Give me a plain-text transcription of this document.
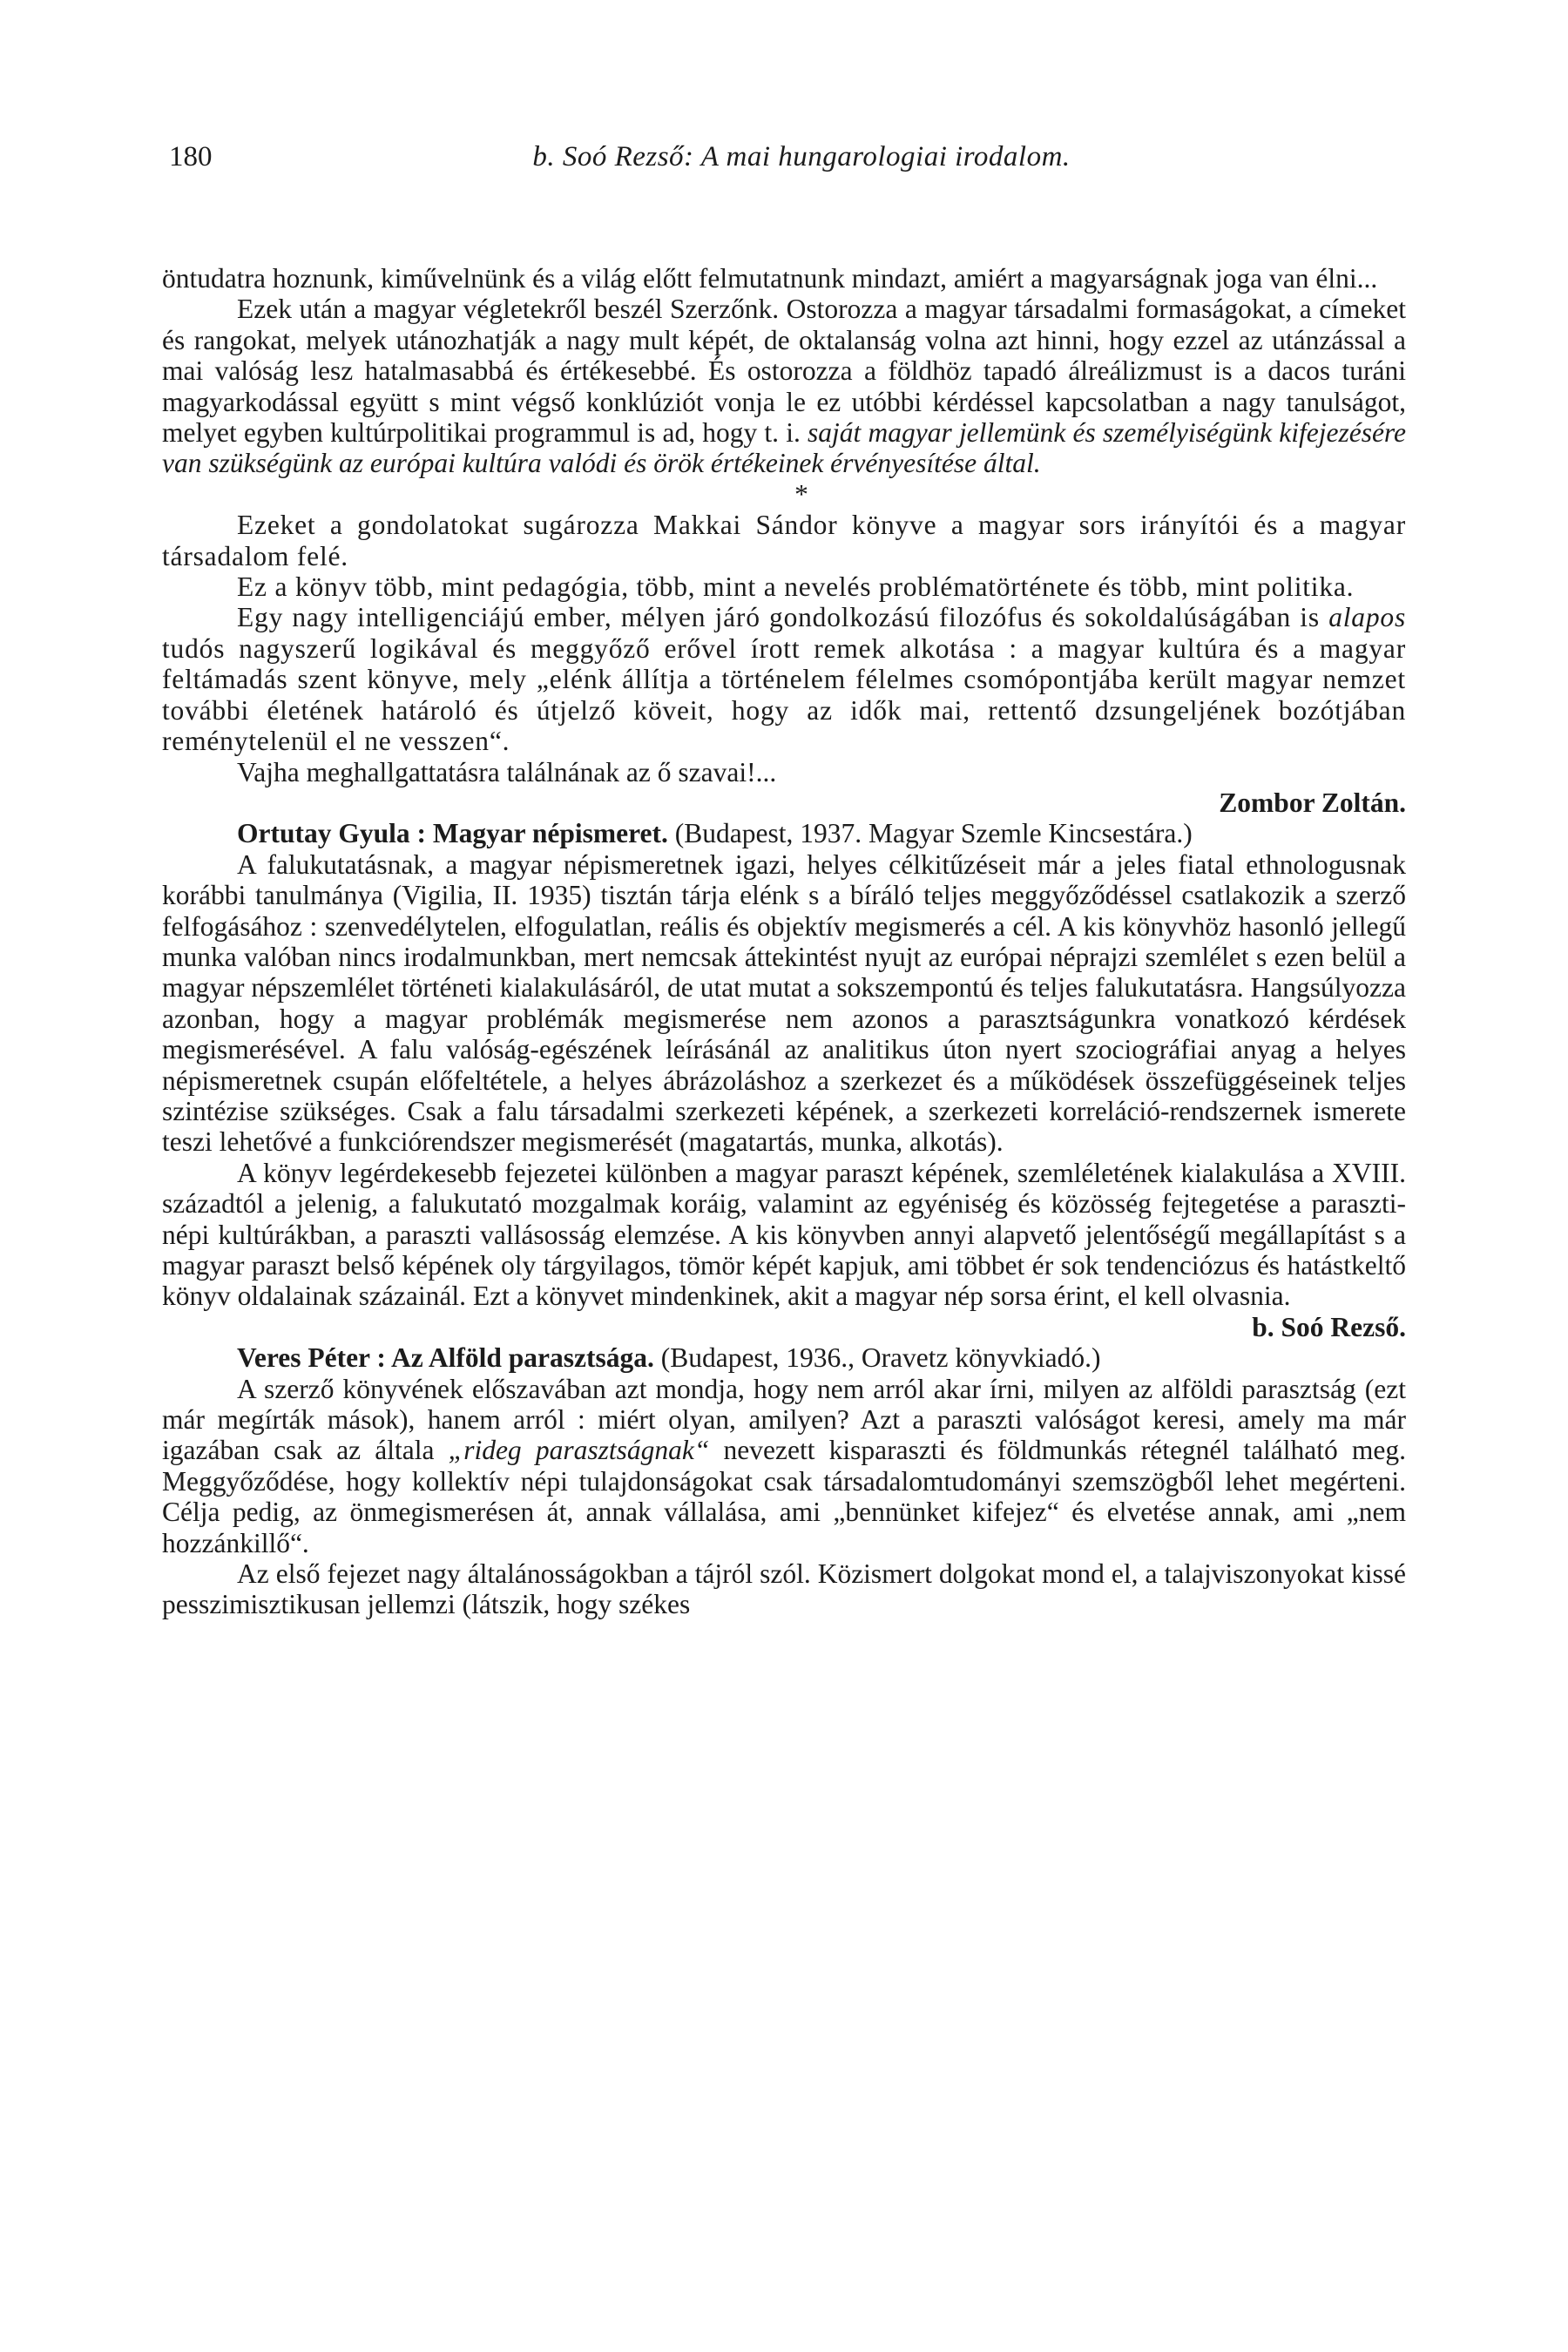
180	b. Soó Rezső: A mai hungarologiai irodalom.

öntudatra hoznunk, kiművelnünk és a világ előtt felmutatnunk mindazt, amiért a magyarságnak joga van élni...

Ezek után a magyar végletekről beszél Szerzőnk. Ostorozza a magyar társadalmi formaságokat, a címeket és rangokat, melyek utánozhatják a nagy mult képét, de oktalanság volna azt hinni, hogy ezzel az utánzással a mai valóság lesz hatalmasabbá és értékesebbé. És ostorozza a földhöz tapadó álreálizmust is a dacos turáni magyarkodással együtt s mint végső konklúziót vonja le ez utóbbi kérdéssel kapcsolatban a nagy tanulságot, melyet egyben kultúrpolitikai programmul is ad, hogy t. i. saját magyar jellemünk és személyiségünk kifejezésére van szükségünk az európai kultúra valódi és örök értékeinek érvényesítése által.

*

Ezeket a gondolatokat sugározza Makkai Sándor könyve a magyar sors irányítói és a magyar társadalom felé.

Ez a könyv több, mint pedagógia, több, mint a nevelés problématörténete és több, mint politika.

Egy nagy intelligenciájú ember, mélyen járó gondolkozású filozófus és sokoldalúságában is alapos tudós nagyszerű logikával és meggyőző erővel írott remek alkotása : a magyar kultúra és a magyar feltámadás szent könyve, mely „elénk állítja a történelem félelmes csomópontjába került magyar nemzet további életének határoló és útjelző köveit, hogy az idők mai, rettentő dzsungeljének bozótjában reménytelenül el ne vesszen“.

Vajha meghallgattatásra találnának az ő szavai!...

Zombor Zoltán.

Ortutay Gyula : Magyar népismeret. (Budapest, 1937. Magyar Szemle Kincsestára.)

A falukutatásnak, a magyar népismeretnek igazi, helyes célkitűzéseit már a jeles fiatal ethnologusnak korábbi tanulmánya (Vigilia, II. 1935) tisztán tárja elénk s a bíráló teljes meggyőződéssel csatlakozik a szerző felfogásához : szenvedélytelen, elfogulatlan, reális és objektív megismerés a cél. A kis könyvhöz hasonló jellegű munka valóban nincs irodalmunkban, mert nemcsak áttekintést nyujt az európai néprajzi szemlélet s ezen belül a magyar népszemlélet történeti kialakulásáról, de utat mutat a sokszempontú és teljes falukutatásra. Hangsúlyozza azonban, hogy a magyar problémák megismerése nem azonos a parasztságunkra vonatkozó kérdések megismerésével. A falu valóság-egészének leírásánál az analitikus úton nyert szociográfiai anyag a helyes népismeretnek csupán előfeltétele, a helyes ábrázoláshoz a szerkezet és a működések összefüggéseinek teljes szintézise szükséges. Csak a falu társadalmi szerkezeti képének, a szerkezeti korreláció-rendszernek ismerete teszi lehetővé a funkciórendszer megismerését (magatartás, munka, alkotás).

A könyv legérdekesebb fejezetei különben a magyar paraszt képének, szemléletének kialakulása a XVIII. századtól a jelenig, a falukutató mozgalmak koráig, valamint az egyéniség és közösség fejtegetése a paraszti-népi kultúrákban, a paraszti vallásosság elemzése. A kis könyvben annyi alapvető jelentőségű megállapítást s a magyar paraszt belső képének oly tárgyilagos, tömör képét kapjuk, ami többet ér sok tendenciózus és hatástkeltő könyv oldalainak százainál. Ezt a könyvet mindenkinek, akit a magyar nép sorsa érint, el kell olvasnia.

b. Soó Rezső.

Veres Péter : Az Alföld parasztsága. (Budapest, 1936., Oravetz könyvkiadó.)

A szerző könyvének előszavában azt mondja, hogy nem arról akar írni, milyen az alföldi parasztság (ezt már megírták mások), hanem arról : miért olyan, amilyen? Azt a paraszti valóságot keresi, amely ma már igazában csak az általa „rideg parasztságnak“ nevezett kisparaszti és földmunkás rétegnél található meg. Meggyőződése, hogy kollektív népi tulajdonságokat csak társadalomtudományi szemszögből lehet megérteni. Célja pedig, az önmegismerésen át, annak vállalása, ami „bennünket kifejez“ és elvetése annak, ami „nem hozzánkillő“.

Az első fejezet nagy általánosságokban a tájról szól. Közismert dolgokat mond el, a talajviszonyokat kissé pesszimisztikusan jellemzi (látszik, hogy székes
